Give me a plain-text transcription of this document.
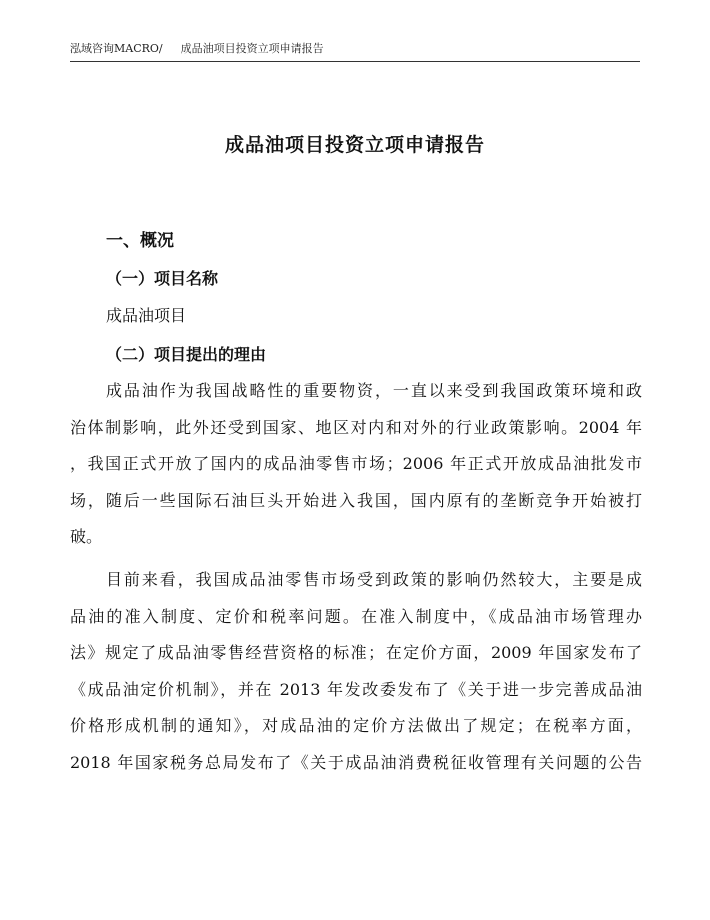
泓域咨询MACRO/ 成品油项目投资立项申请报告
成品油项目投资立项申请报告
一、概况
（一）项目名称
成品油项目
（二）项目提出的理由
成品油作为我国战略性的重要物资，一直以来受到我国政策环境和政
治体制影响，此外还受到国家、地区对内和对外的行业政策影响。2004 年
，我国正式开放了国内的成品油零售市场；2006 年正式开放成品油批发市
场，随后一些国际石油巨头开始进入我国，国内原有的垄断竞争开始被打
破。
目前来看，我国成品油零售市场受到政策的影响仍然较大，主要是成
品油的准入制度、定价和税率问题。在准入制度中，《成品油市场管理办
法》规定了成品油零售经营资格的标准；在定价方面，2009 年国家发布了
《成品油定价机制》，并在 2013 年发改委发布了《关于进一步完善成品油
价格形成机制的通知》，对成品油的定价方法做出了规定；在税率方面，
2018 年国家税务总局发布了《关于成品油消费税征收管理有关问题的公告
